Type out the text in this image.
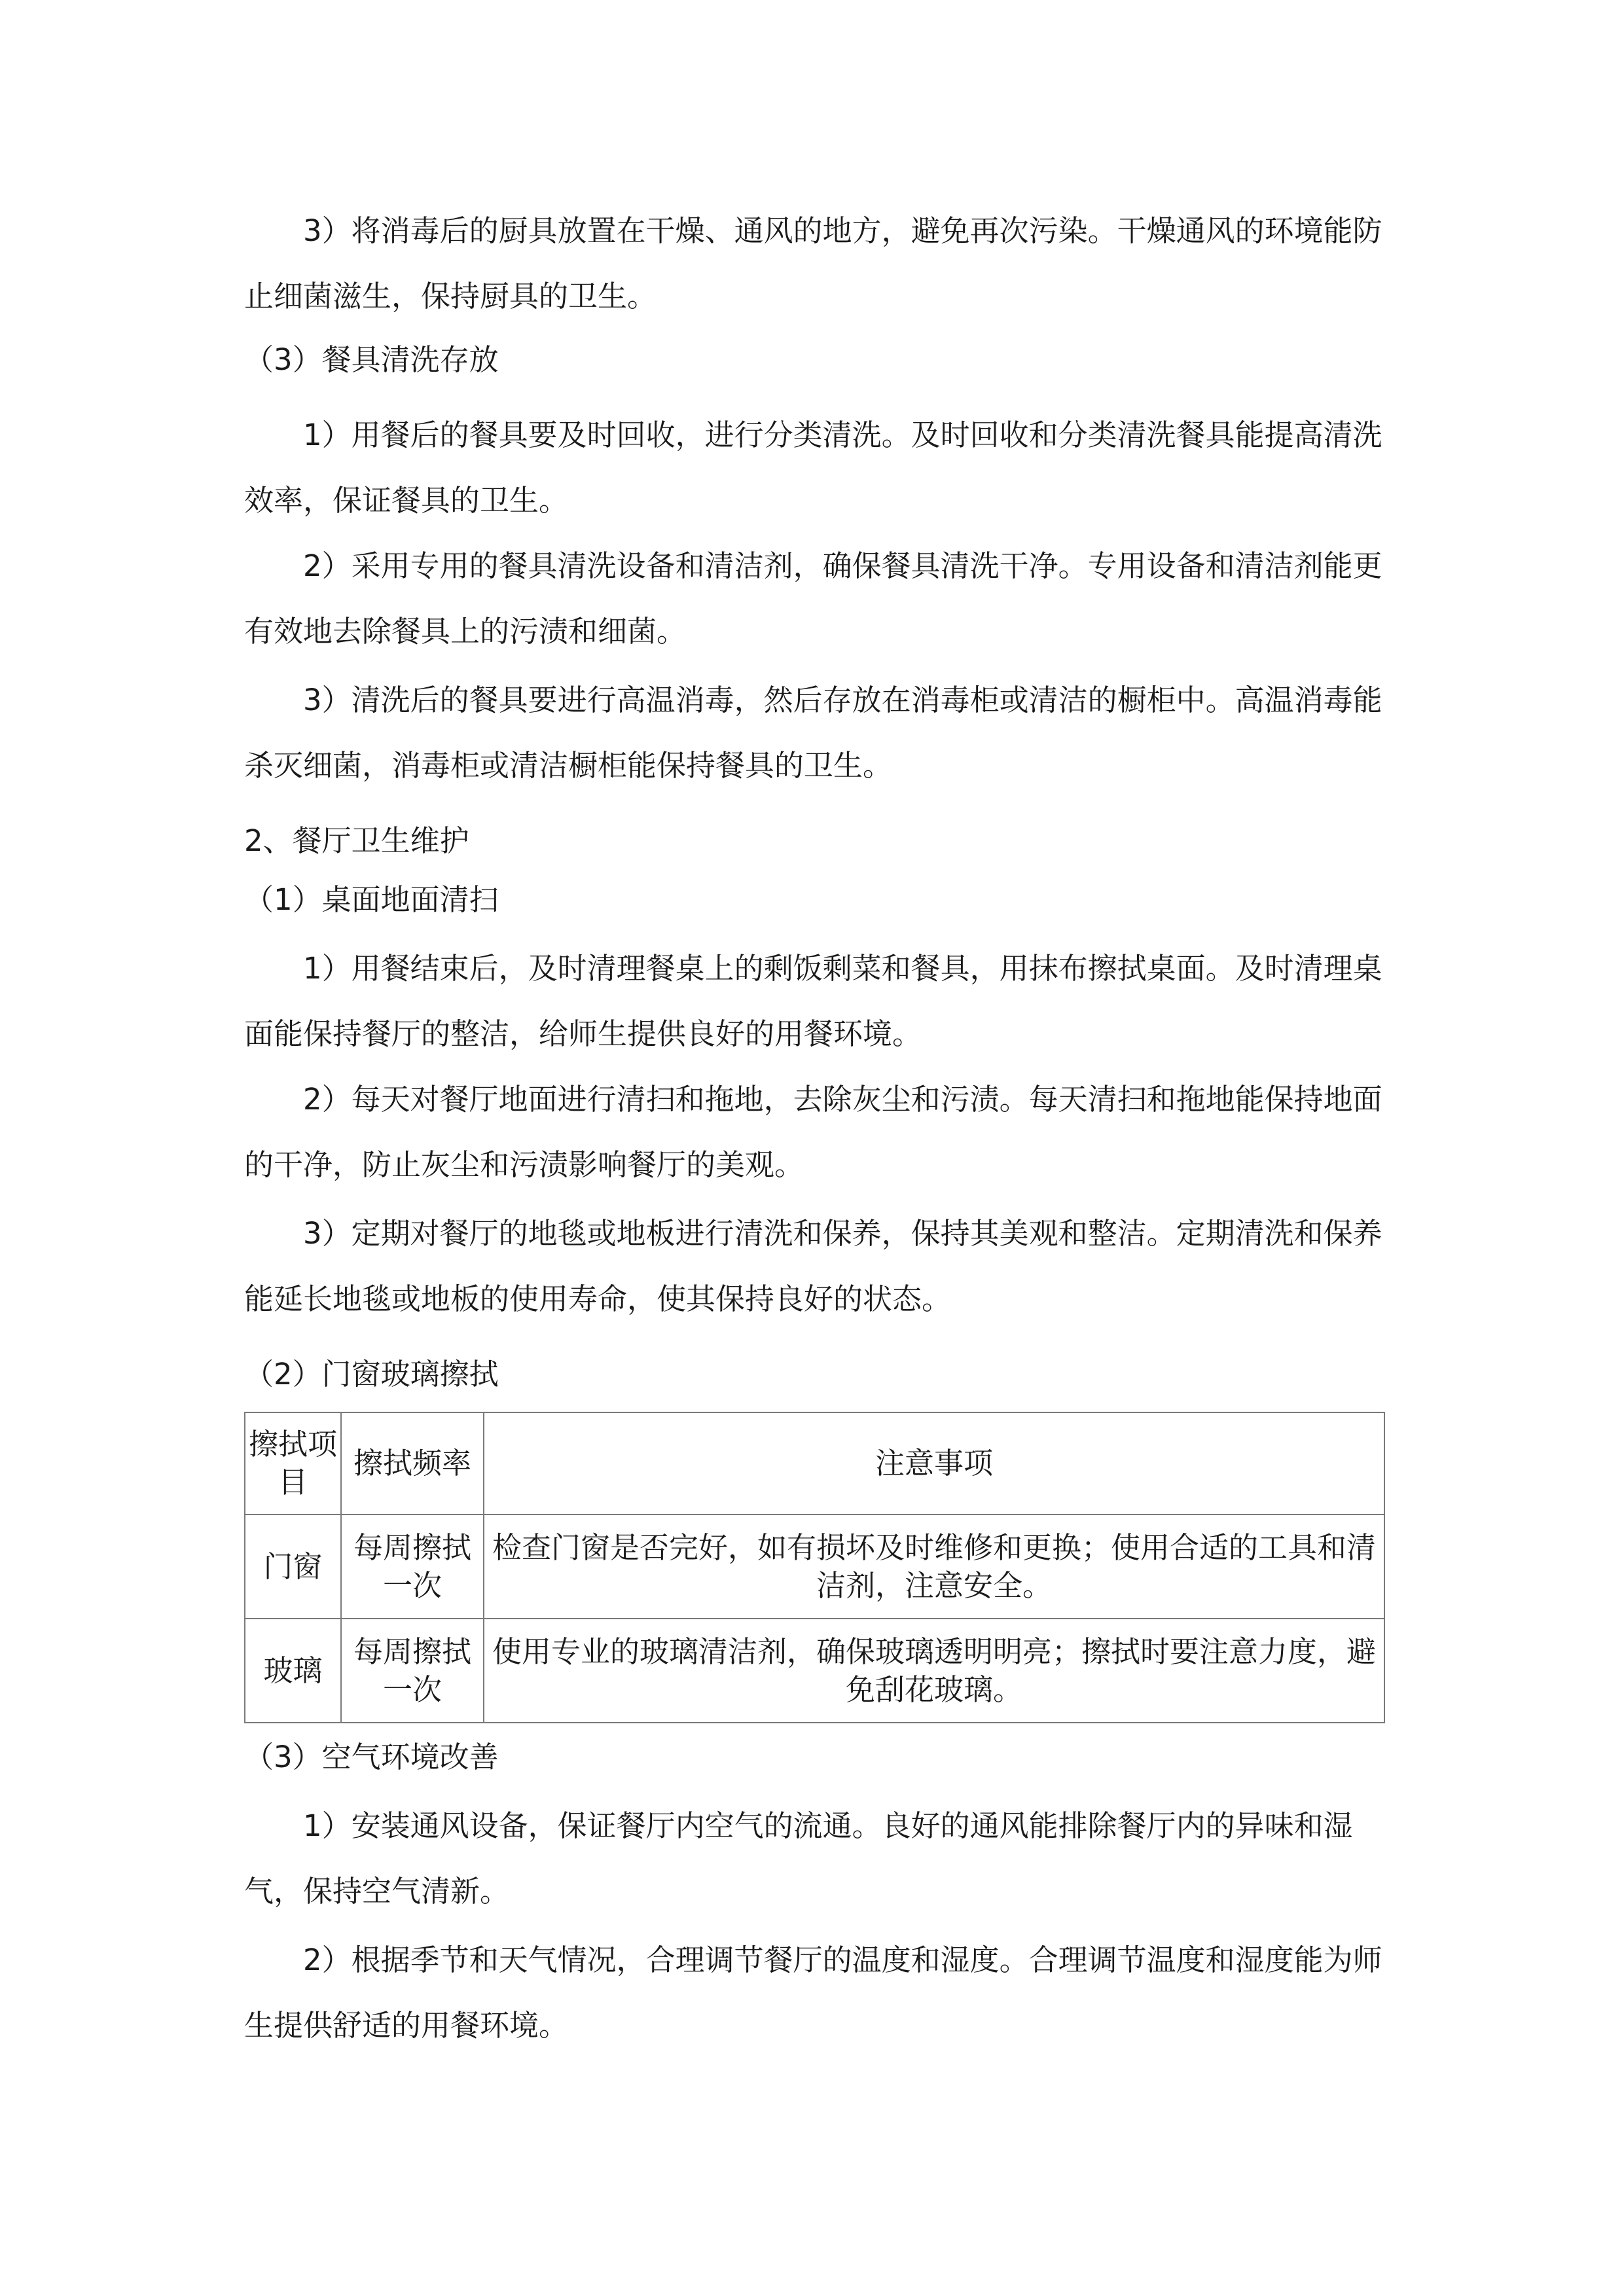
3）将消毒后的厨具放置在干燥、通风的地方，避免再次污染。干燥通风的环境能防止细菌滋生，保持厨具的卫生。

（3）餐具清洗存放

1）用餐后的餐具要及时回收，进行分类清洗。及时回收和分类清洗餐具能提高清洗效率，保证餐具的卫生。

2）采用专用的餐具清洗设备和清洁剂，确保餐具清洗干净。专用设备和清洁剂能更有效地去除餐具上的污渍和细菌。

3）清洗后的餐具要进行高温消毒，然后存放在消毒柜或清洁的橱柜中。高温消毒能杀灭细菌，消毒柜或清洁橱柜能保持餐具的卫生。

2、餐厅卫生维护

（1）桌面地面清扫

1）用餐结束后，及时清理餐桌上的剩饭剩菜和餐具，用抹布擦拭桌面。及时清理桌面能保持餐厅的整洁，给师生提供良好的用餐环境。

2）每天对餐厅地面进行清扫和拖地，去除灰尘和污渍。每天清扫和拖地能保持地面的干净，防止灰尘和污渍影响餐厅的美观。

3）定期对餐厅的地毯或地板进行清洗和保养，保持其美观和整洁。定期清洗和保养能延长地毯或地板的使用寿命，使其保持良好的状态。

（2）门窗玻璃擦拭

擦拭项目	擦拭频率	注意事项
门窗	每周擦拭一次	检查门窗是否完好，如有损坏及时维修和更换；使用合适的工具和清洁剂，注意安全。
玻璃	每周擦拭一次	使用专业的玻璃清洁剂，确保玻璃透明明亮；擦拭时要注意力度，避免刮花玻璃。

（3）空气环境改善

1）安装通风设备，保证餐厅内空气的流通。良好的通风能排除餐厅内的异味和湿气，保持空气清新。

2）根据季节和天气情况，合理调节餐厅的温度和湿度。合理调节温度和湿度能为师生提供舒适的用餐环境。
